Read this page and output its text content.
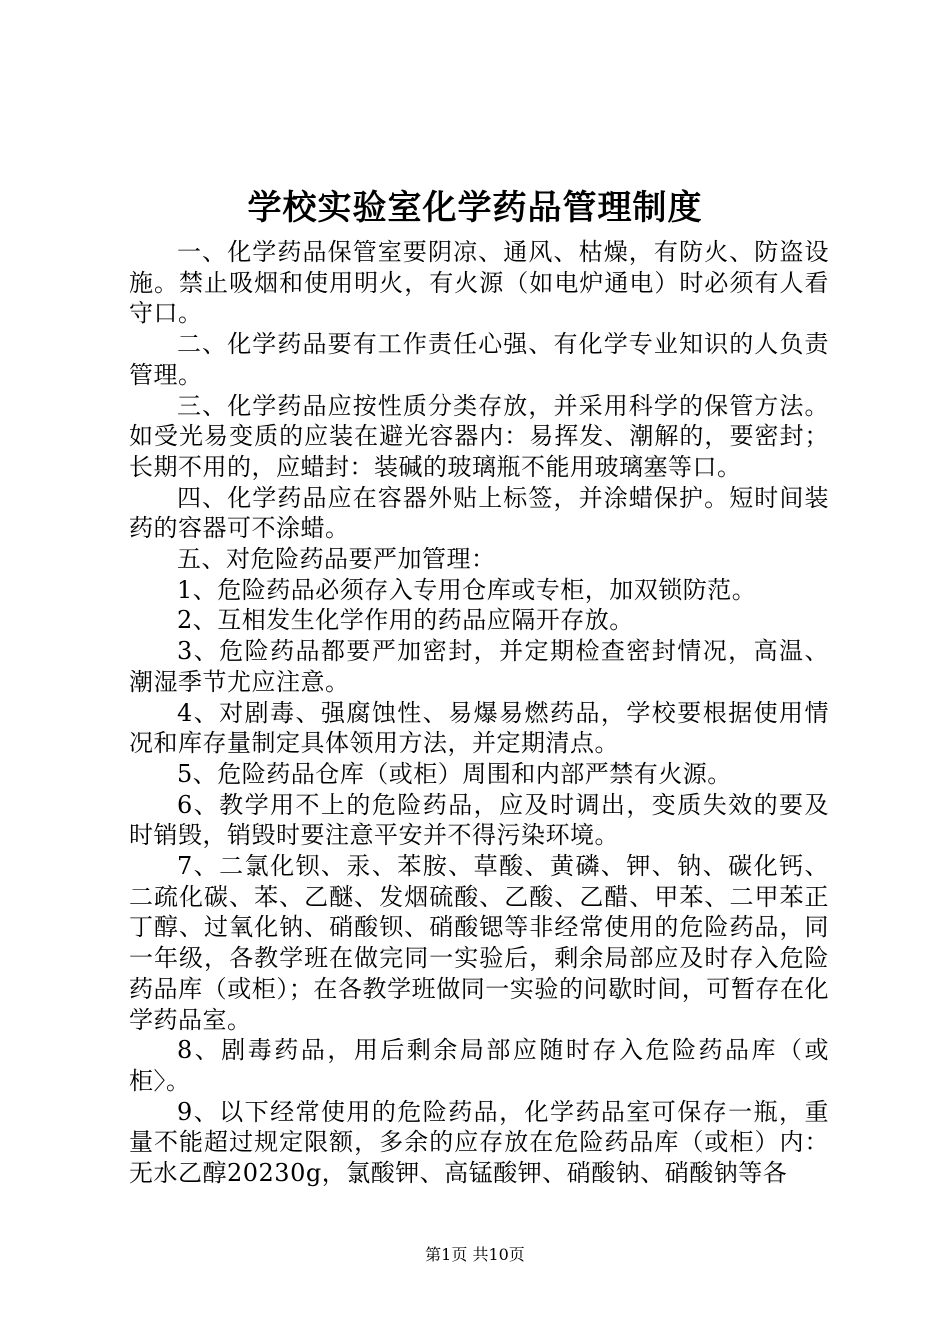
学校实验室化学药品管理制度

一、化学药品保管室要阴凉、通风、枯燥，有防火、防盗设施。禁止吸烟和使用明火，有火源（如电炉通电）时必须有人看守口。

二、化学药品要有工作责任心强、有化学专业知识的人负责管理。

三、化学药品应按性质分类存放，并采用科学的保管方法。如受光易变质的应装在避光容器内：易挥发、潮解的，要密封；长期不用的，应蜡封：装碱的玻璃瓶不能用玻璃塞等口。

四、化学药品应在容器外贴上标签，并涂蜡保护。短时间装药的容器可不涂蜡。

五、对危险药品要严加管理：

1、危险药品必须存入专用仓库或专柜，加双锁防范。

2、互相发生化学作用的药品应隔开存放。

3、危险药品都要严加密封，并定期检查密封情况，高温、潮湿季节尤应注意。

4、对剧毒、强腐蚀性、易爆易燃药品，学校要根据使用情况和库存量制定具体领用方法，并定期清点。

5、危险药品仓库（或柜）周围和内部严禁有火源。

6、教学用不上的危险药品，应及时调出，变质失效的要及时销毁，销毁时要注意平安并不得污染环境。

7、二氯化钡、汞、苯胺、草酸、黄磷、钾、钠、碳化钙、二疏化碳、苯、乙醚、发烟硫酸、乙酸、乙醋、甲苯、二甲苯正丁醇、过氧化钠、硝酸钡、硝酸锶等非经常使用的危险药品，同一年级，各教学班在做完同一实验后，剩余局部应及时存入危险药品库（或柜）；在各教学班做同一实验的问歇时间，可暂存在化学药品室。

8、剧毒药品，用后剩余局部应随时存入危险药品库（或柜〉。

9、以下经常使用的危险药品，化学药品室可保存一瓶，重量不能超过规定限额，多余的应存放在危险药品库（或柜）内：无水乙醇20230g，氯酸钾、高锰酸钾、硝酸钠、硝酸钠等各

第1页 共10页
